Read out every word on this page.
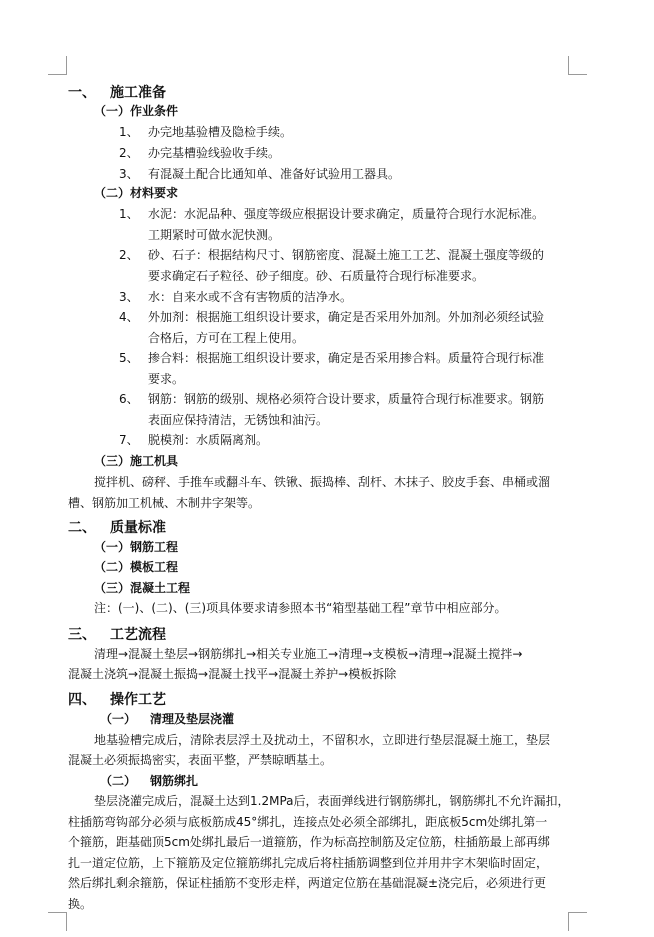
一、 施工准备
（一）作业条件
1、 办完地基验槽及隐检手续。
2、 办完基槽验线验收手续。
3、 有混凝土配合比通知单、准备好试验用工器具。
（二）材料要求
1、 水泥：水泥品种、强度等级应根据设计要求确定，质量符合现行水泥标准。
工期紧时可做水泥快测。
2、 砂、石子：根据结构尺寸、钢筋密度、混凝土施工工艺、混凝土强度等级的
要求确定石子粒径、砂子细度。砂、石质量符合现行标准要求。
3、 水：自来水或不含有害物质的洁净水。
4、 外加剂：根据施工组织设计要求，确定是否采用外加剂。外加剂必须经试验
合格后，方可在工程上使用。
5、 掺合料：根据施工组织设计要求，确定是否采用掺合料。质量符合现行标准
要求。
6、 钢筋：钢筋的级别、规格必须符合设计要求，质量符合现行标准要求。钢筋
表面应保持清洁，无锈蚀和油污。
7、 脱模剂：水质隔离剂。
（三）施工机具
搅拌机、磅秤、手推车或翻斗车、铁锹、振捣棒、刮杆、木抹子、胶皮手套、串桶或溜
槽、钢筋加工机械、木制井字架等。
二、 质量标准
（一）钢筋工程
（二）模板工程
（三）混凝土工程
注：(一)、(二)、(三)项具体要求请参照本书“箱型基础工程”章节中相应部分。
三、 工艺流程
清理→混凝土垫层→钢筋绑扎→相关专业施工→清理→支模板→清理→混凝土搅拌→
混凝土浇筑→混凝土振捣→混凝土找平→混凝土养护→模板拆除
四、 操作工艺
（一） 清理及垫层浇灌
地基验槽完成后，清除表层浮土及扰动土，不留积水，立即进行垫层混凝土施工，垫层
混凝土必须振捣密实，表面平整，严禁晾晒基土。
（二） 钢筋绑扎
垫层浇灌完成后，混凝土达到1.2MPa后，表面弹线进行钢筋绑扎，钢筋绑扎不允许漏扣，
柱插筋弯钩部分必须与底板筋成45°绑扎，连接点处必须全部绑扎，距底板5cm处绑扎第一
个箍筋，距基础顶5cm处绑扎最后一道箍筋，作为标高控制筋及定位筋，柱插筋最上部再绑
扎一道定位筋，上下箍筋及定位箍筋绑扎完成后将柱插筋调整到位并用井字木架临时固定，
然后绑扎剩余箍筋，保证柱插筋不变形走样，两道定位筋在基础混凝±浇完后，必须进行更
换。
